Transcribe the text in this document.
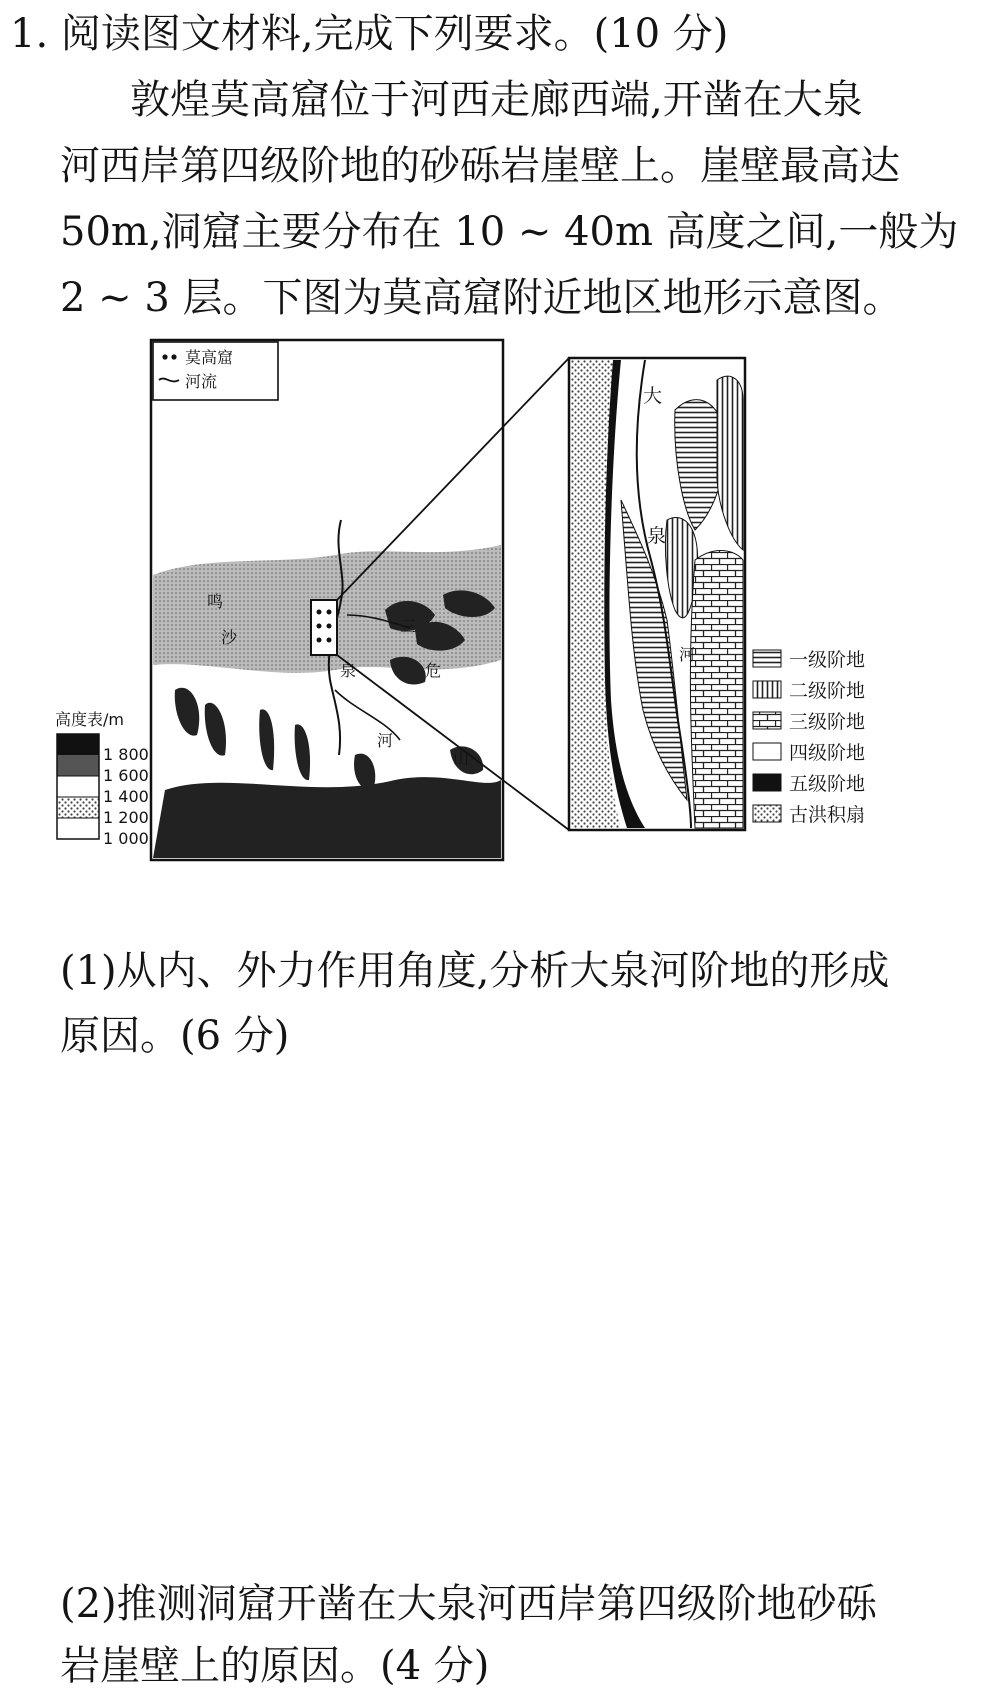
1. 阅读图文材料,完成下列要求。(10 分)
敦煌莫高窟位于河西走廊西端,开凿在大泉
河西岸第四级阶地的砂砾岩崖壁上。崖壁最高达
50m,洞窟主要分布在 10 ~ 40m 高度之间,一般为
2 ~ 3 层。下图为莫高窟附近地区地形示意图。
鸣
沙
泉
河
三
危
山
莫高窟
河流
高度表/m
1 800
1 600
1 400
1 200
1 000
大
泉
河	一级阶地
二级阶地
三级阶地
四级阶地
五级阶地
古洪积扇
(1)从内、外力作用角度,分析大泉河阶地的形成
原因。(6 分)
(2)推测洞窟开凿在大泉河西岸第四级阶地砂砾
岩崖壁上的原因。(4 分)
